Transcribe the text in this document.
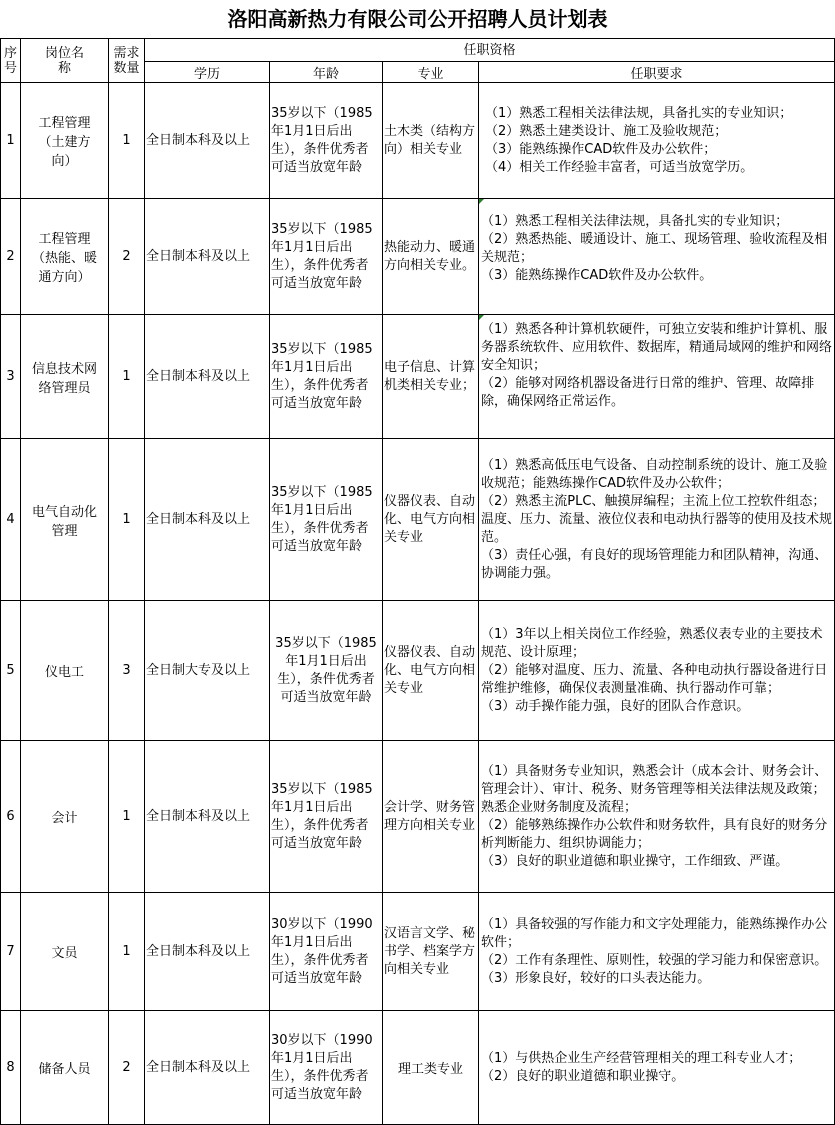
洛阳高新热力有限公司公开招聘人员计划表
序号	岗位名称	需求数量	任职资格			
			学历	年龄	专业	任职要求
1	工程管理（土建方向）	1	全日制本科及以上	35岁以下（1985年1月1日后出生），条件优秀者可适当放宽年龄	土木类（结构方向）相关专业	（1）熟悉工程相关法律法规，具备扎实的专业知识；
（2）熟悉土建类设计、施工及验收规范；
（3）能熟练操作CAD软件及办公软件；
（4）相关工作经验丰富者，可适当放宽学历。

2	工程管理（热能、暖通方向）	2	全日制本科及以上	35岁以下（1985年1月1日后出生），条件优秀者可适当放宽年龄	热能动力、暖通方向相关专业。	（1）熟悉工程相关法律法规，具备扎实的专业知识；
（2）熟悉热能、暖通设计、施工、现场管理、验收流程及相关规范；
（3）能熟练操作CAD软件及办公软件。

3	信息技术网络管理员	1	全日制本科及以上	35岁以下（1985年1月1日后出生），条件优秀者可适当放宽年龄	电子信息、计算机类相关专业；	（1）熟悉各种计算机软硬件，可独立安装和维护计算机、服务器系统软件、应用软件、数据库，精通局域网的维护和网络安全知识；
（2）能够对网络机器设备进行日常的维护、管理、故障排除，确保网络正常运作。

4	电气自动化管理	1	全日制本科及以上	35岁以下（1985年1月1日后出生），条件优秀者可适当放宽年龄	仪器仪表、自动化、电气方向相关专业	（1）熟悉高低压电气设备、自动控制系统的设计、施工及验收规范；能熟练操作CAD软件及办公软件；
（2）熟悉主流PLC、触摸屏编程；主流上位工控软件组态；温度、压力、流量、液位仪表和电动执行器等的使用及技术规范。
（3）责任心强，有良好的现场管理能力和团队精神，沟通、协调能力强。

5	仪电工	3	全日制大专及以上	35岁以下（1985年1月1日后出生），条件优秀者可适当放宽年龄	仪器仪表、自动化、电气方向相关专业	（1）3年以上相关岗位工作经验，熟悉仪表专业的主要技术规范、设计原理；
（2）能够对温度、压力、流量、各种电动执行器设备进行日常维护维修，确保仪表测量准确、执行器动作可靠；
（3）动手操作能力强，良好的团队合作意识。

6	会计	1	全日制本科及以上	35岁以下（1985年1月1日后出生），条件优秀者可适当放宽年龄	会计学、财务管理方向相关专业	（1）具备财务专业知识，熟悉会计（成本会计、财务会计、管理会计）、审计、税务、财务管理等相关法律法规及政策；熟悉企业财务制度及流程；
（2）能够熟练操作办公软件和财务软件，具有良好的财务分析判断能力、组织协调能力；
（3）良好的职业道德和职业操守，工作细致、严谨。

7	文员	1	全日制本科及以上	30岁以下（1990年1月1日后出生），条件优秀者可适当放宽年龄	汉语言文学、秘书学、档案学方向相关专业	（1）具备较强的写作能力和文字处理能力，能熟练操作办公软件；
（2）工作有条理性、原则性，较强的学习能力和保密意识。
（3）形象良好，较好的口头表达能力。

8	储备人员	2	全日制本科及以上	30岁以下（1990年1月1日后出生），条件优秀者可适当放宽年龄	理工类专业	（1）与供热企业生产经营管理相关的理工科专业人才；
（2）良好的职业道德和职业操守。
